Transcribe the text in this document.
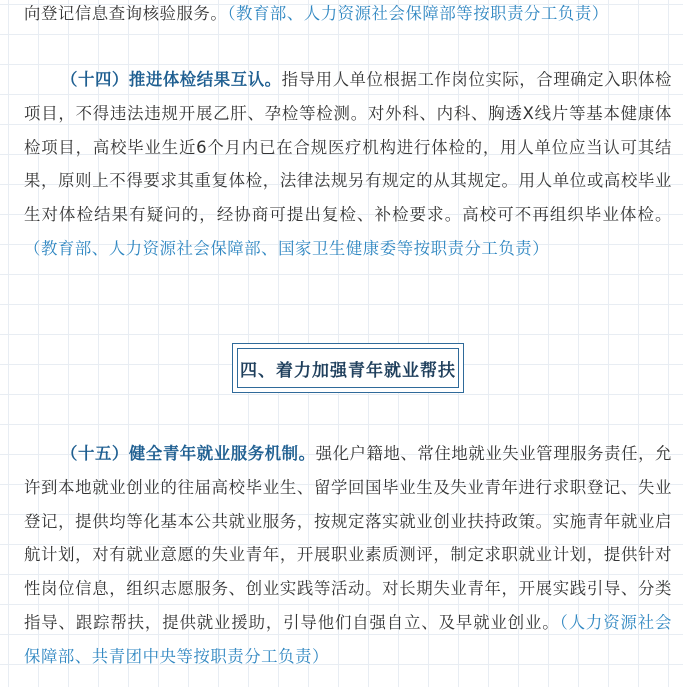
向登记信息查询核验服务。（教育部、人力资源社会保障部等按职责分工负责）

（十四）推进体检结果互认。指导用人单位根据工作岗位实际，合理确定入职体检项目，不得违法违规开展乙肝、孕检等检测。对外科、内科、胸透X线片等基本健康体检项目，高校毕业生近6个月内已在合规医疗机构进行体检的，用人单位应当认可其结果，原则上不得要求其重复体检，法律法规另有规定的从其规定。用人单位或高校毕业生对体检结果有疑问的，经协商可提出复检、补检要求。高校可不再组织毕业体检。（教育部、人力资源社会保障部、国家卫生健康委等按职责分工负责）

（十五）健全青年就业服务机制。强化户籍地、常住地就业失业管理服务责任，允许到本地就业创业的往届高校毕业生、留学回国毕业生及失业青年进行求职登记、失业登记，提供均等化基本公共就业服务，按规定落实就业创业扶持政策。实施青年就业启航计划，对有就业意愿的失业青年，开展职业素质测评，制定求职就业计划，提供针对性岗位信息，组织志愿服务、创业实践等活动。对长期失业青年，开展实践引导、分类指导、跟踪帮扶，提供就业援助，引导他们自强自立、及早就业创业。（人力资源社会保障部、共青团中央等按职责分工负责）

四、着力加强青年就业帮扶
